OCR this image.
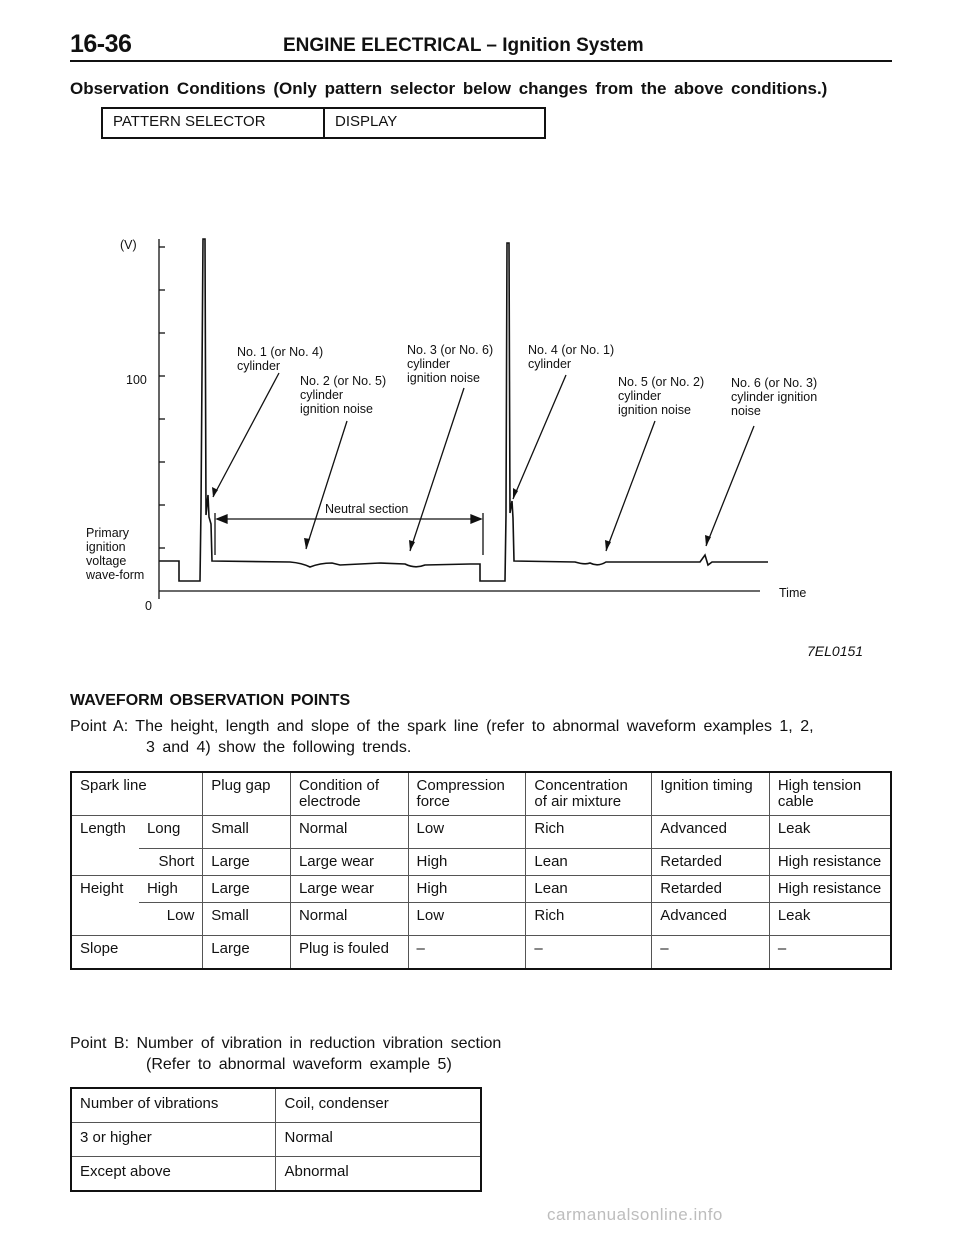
16-36	ENGINE ELECTRICAL – Ignition System
Observation Conditions (Only pattern selector below changes from the above conditions.)
PATTERN SELECTOR	DISPLAY
(V)
100
0
Time
Primary ignition voltage wave-form
Neutral section
No. 1 (or No. 4) cylinder
No. 2 (or No. 5) cylinder ignition noise
No. 3 (or No. 6) cylinder ignition noise
No. 4 (or No. 1) cylinder
No. 5 (or No. 2) cylinder ignition noise
No. 6 (or No. 3) cylinder ignition noise
7EL0151
WAVEFORM OBSERVATION POINTS
Point A: The height, length and slope of the spark line (refer to abnormal waveform examples 1, 2,
3 and 4) show the following trends.
Spark line		Plug gap	Condition of electrode	Compression force	Concentration of air mixture	Ignition timing	High tension cable
Length	Long	Small	Normal	Low	Rich	Advanced	Leak
	Short	Large	Large wear	High	Lean	Retarded	High resistance
Height	High	Large	Large wear	High	Lean	Retarded	High resistance
	Low	Small	Normal	Low	Rich	Advanced	Leak
Slope		Large	Plug is fouled	–	–	–	–
Point B: Number of vibration in reduction vibration section
(Refer to abnormal waveform example 5)
Number of vibrations	Coil, condenser
3 or higher	Normal
Except above	Abnormal
carmanualsonline.info
